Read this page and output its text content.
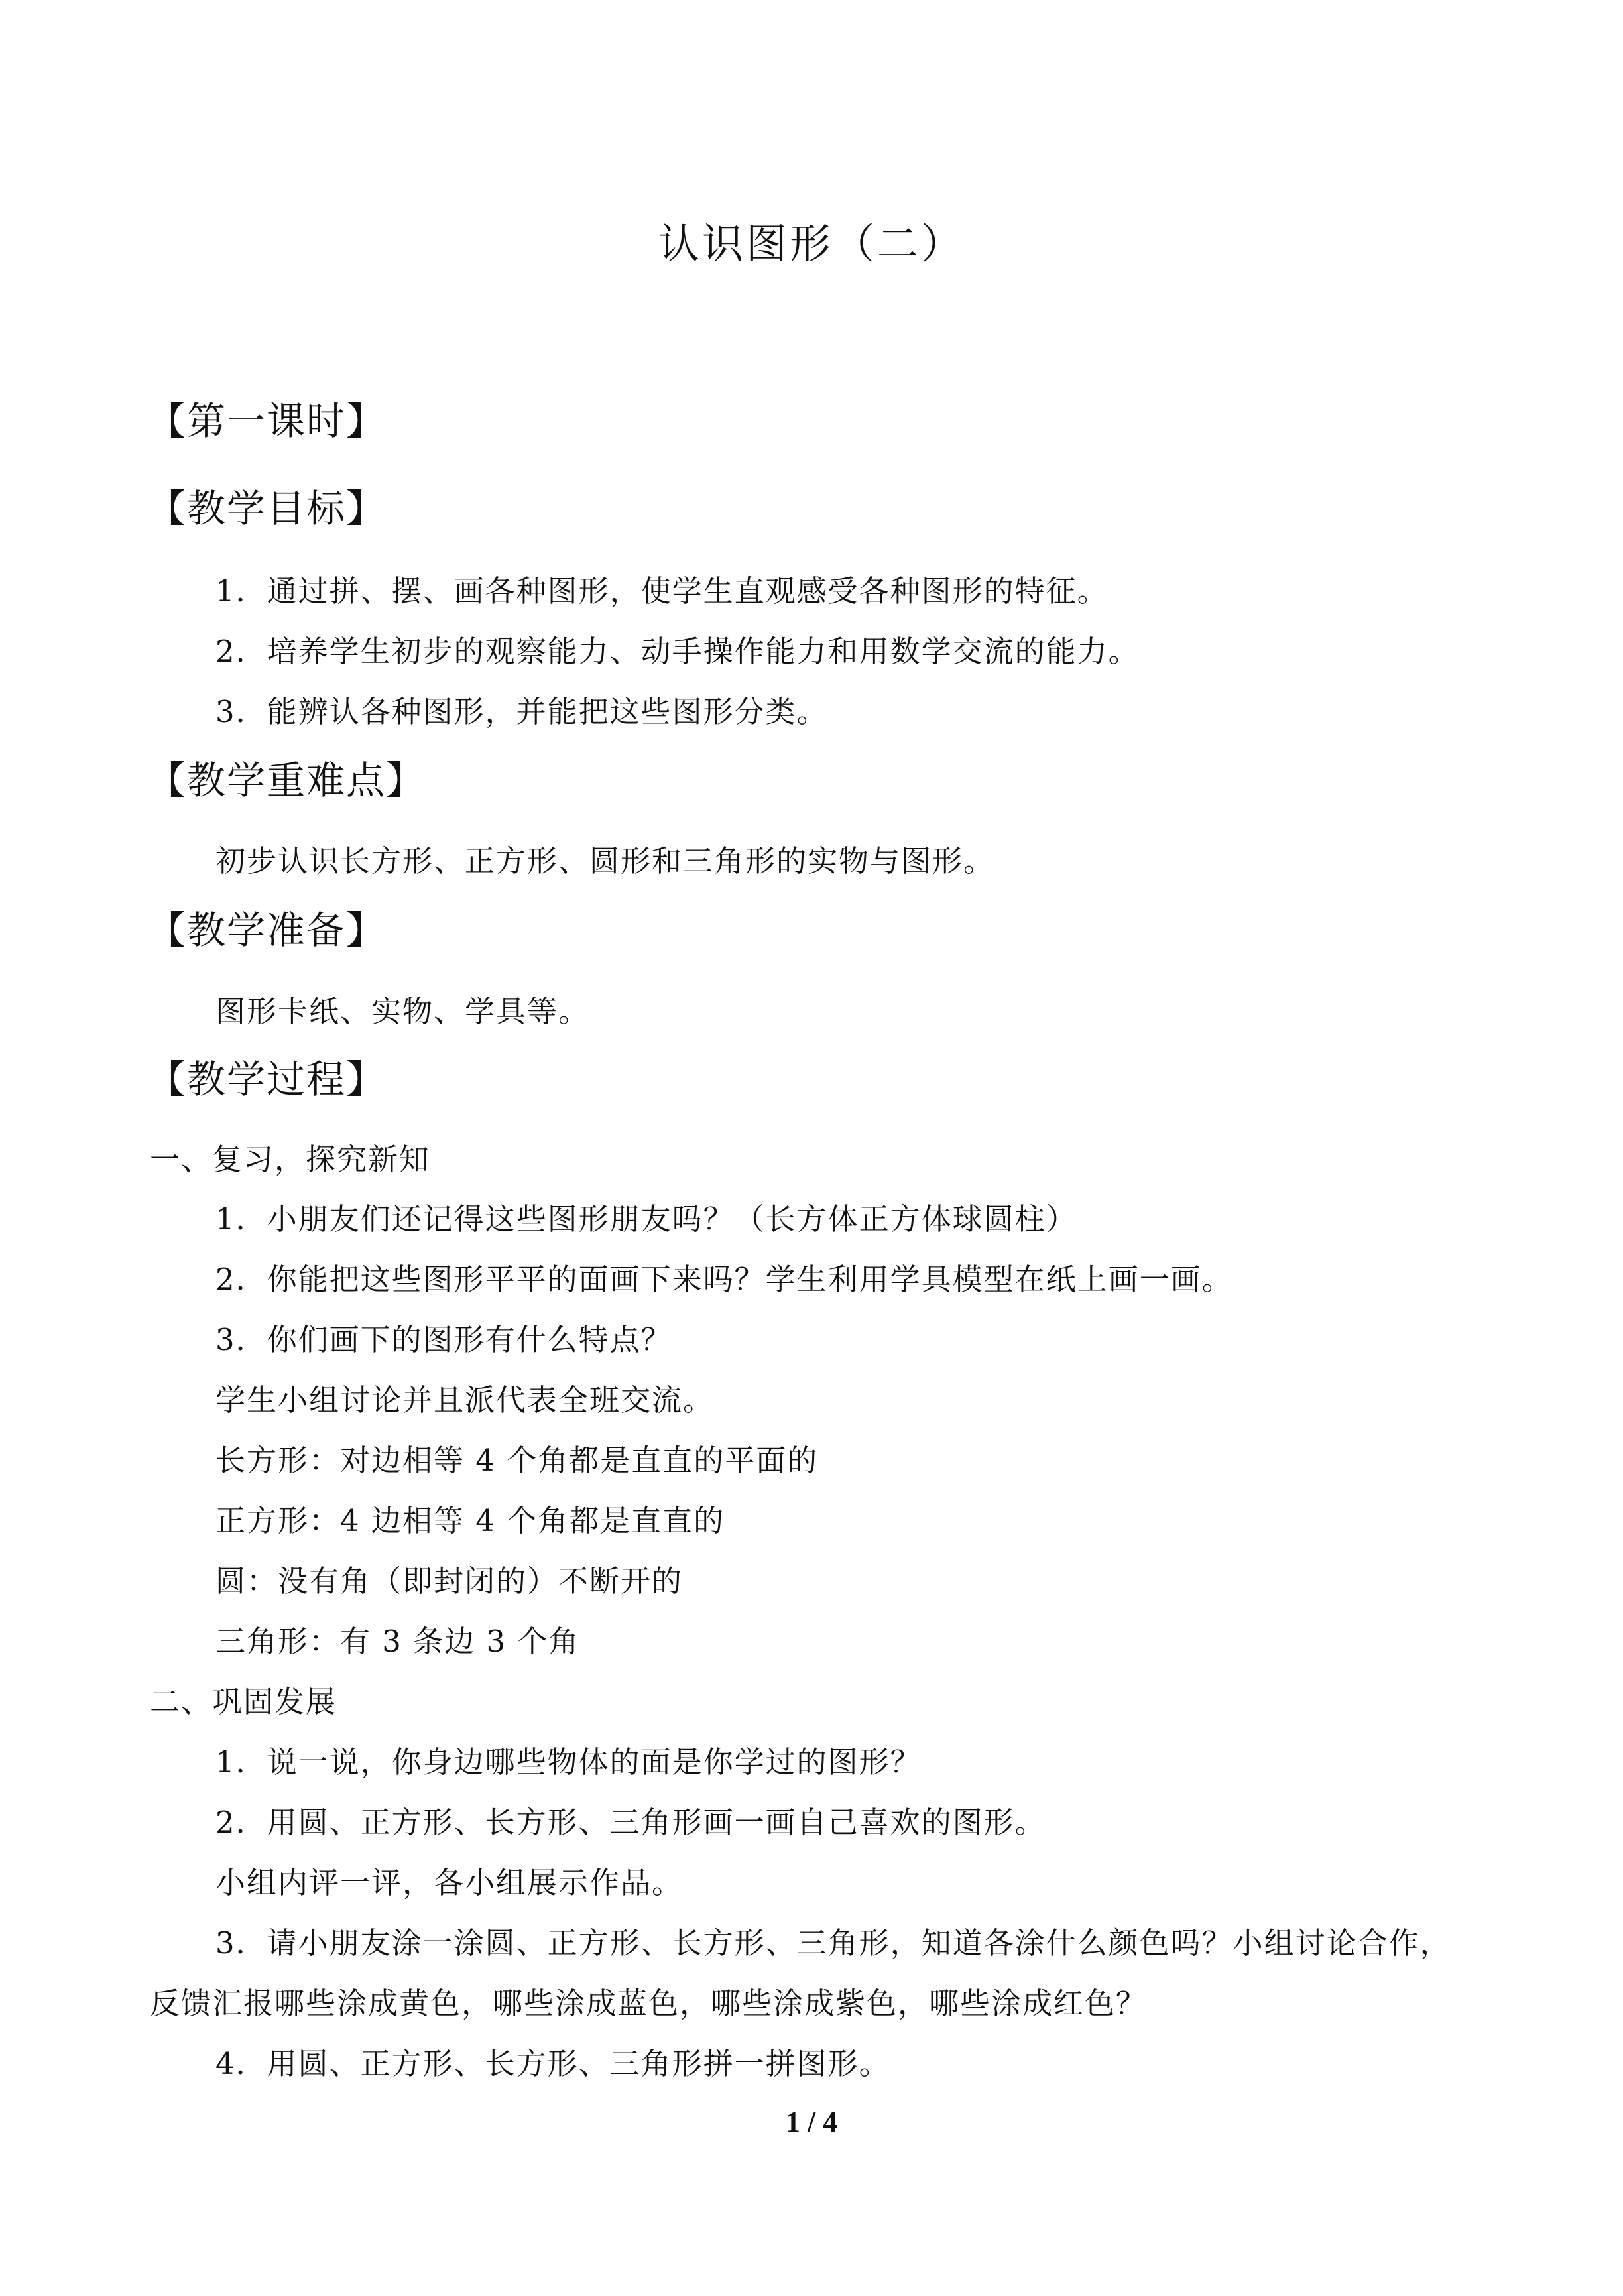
认识图形（二）
【第一课时】
【教学目标】

1．通过拼、摆、画各种图形，使学生直观感受各种图形的特征。

2．培养学生初步的观察能力、动手操作能力和用数学交流的能力。

3．能辨认各种图形，并能把这些图形分类。

【教学重难点】

初步认识长方形、正方形、圆形和三角形的实物与图形。

【教学准备】

图形卡纸、实物、学具等。

【教学过程】

一、复习，探究新知

1．小朋友们还记得这些图形朋友吗？（长方体正方体球圆柱）

2．你能把这些图形平平的面画下来吗？学生利用学具模型在纸上画一画。

3．你们画下的图形有什么特点？

学生小组讨论并且派代表全班交流。

长方形：对边相等 4 个角都是直直的平面的

正方形：4 边相等 4 个角都是直直的

圆：没有角（即封闭的）不断开的

三角形：有 3 条边 3 个角

二、巩固发展

1．说一说，你身边哪些物体的面是你学过的图形？

2．用圆、正方形、长方形、三角形画一画自己喜欢的图形。

小组内评一评，各小组展示作品。

3．请小朋友涂一涂圆、正方形、长方形、三角形，知道各涂什么颜色吗？小组讨论合作，

反馈汇报哪些涂成黄色，哪些涂成蓝色，哪些涂成紫色，哪些涂成红色？

4．用圆、正方形、长方形、三角形拼一拼图形。

1 / 4
